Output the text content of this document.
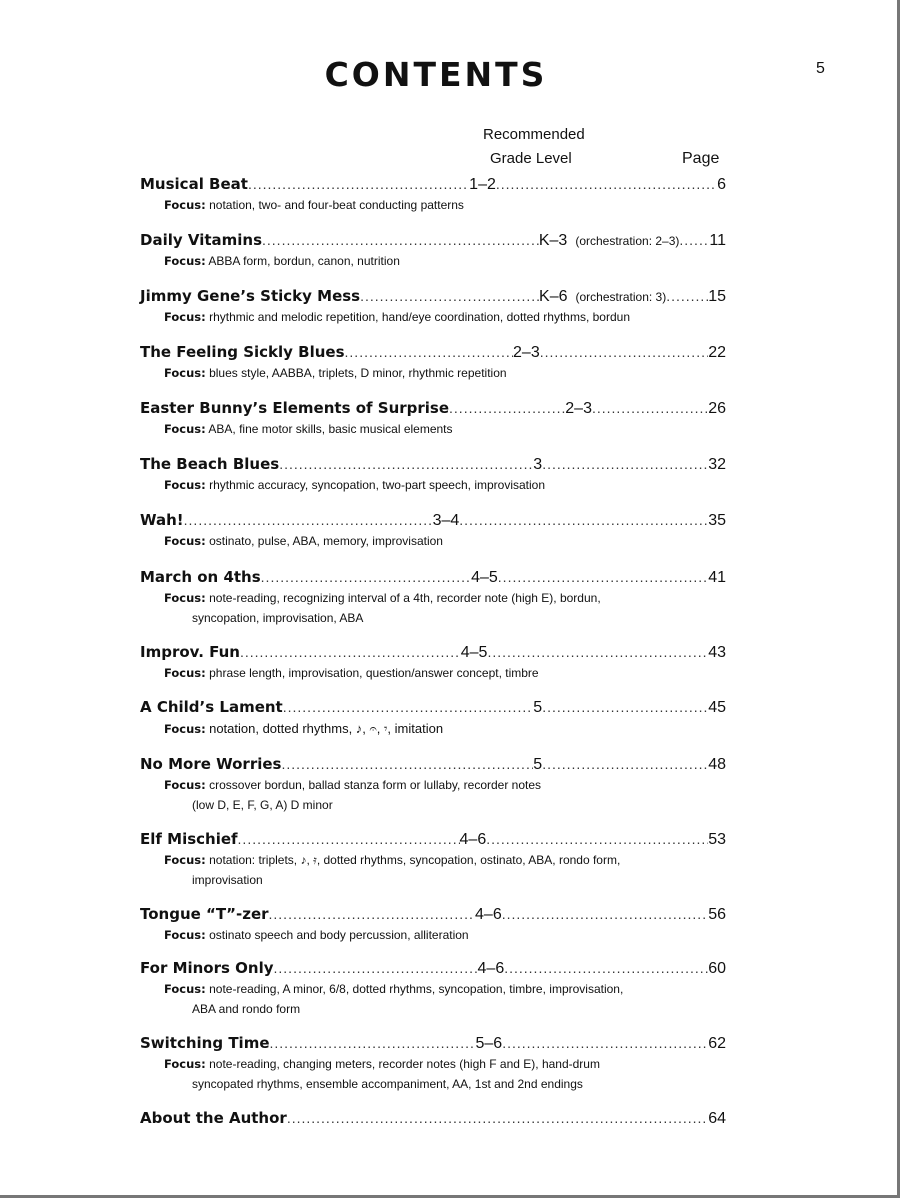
5
CONTENTS
Recommended
Grade Level	Page
Musical Beat .....	1–2 .....	6
Focus: notation, two- and four-beat conducting patterns
Daily Vitamins .....	K–3 (orchestration: 2–3) ..... 11
Focus: ABBA form, bordun, canon, nutrition
Jimmy Gene’s Sticky Mess .....	K–6 (orchestration: 3) .....	15
Focus: rhythmic and melodic repetition, hand/eye coordination, dotted rhythms, bordun
The Feeling Sickly Blues .....	2–3 .....	22
Focus: blues style, AABBA, triplets, D minor, rhythmic repetition
Easter Bunny’s Elements of Surprise .....	2–3 .....	26
Focus: ABA, fine motor skills, basic musical elements
The Beach Blues .....	3 .....	32
Focus: rhythmic accuracy, syncopation, two-part speech, improvisation
Wah! .....	3–4 .....	35
Focus: ostinato, pulse, ABA, memory, improvisation
March on 4ths .....	4–5 .....	41
Focus: note-reading, recognizing interval of a 4th, recorder note (high E), bordun,
syncopation, improvisation, ABA
Improv. Fun .....	4–5 .....	43
Focus: phrase length, improvisation, question/answer concept, timbre
A Child’s Lament .....	5 .....	45
Focus: notation, dotted rhythms, ♪, 𝄐, 𝄾, imitation
No More Worries .....	5 .....	48
Focus: crossover bordun, ballad stanza form or lullaby, recorder notes
(low D, E, F, G, A) D minor
Elf Mischief .....	4–6 .....	53
Focus: notation: triplets, ♪, 𝄿, dotted rhythms, syncopation, ostinato, ABA, rondo form,
improvisation
Tongue “T”-zer .....	4–6 .....	56
Focus: ostinato speech and body percussion, alliteration
For Minors Only .....	4–6 .....	60
Focus: note-reading, A minor, 6/8, dotted rhythms, syncopation, timbre, improvisation,
ABA and rondo form
Switching Time .....	5–6 .....	62
Focus: note-reading, changing meters, recorder notes (high F and E), hand-drum
syncopated rhythms, ensemble accompaniment, AA, 1st and 2nd endings
About the Author .....	64
